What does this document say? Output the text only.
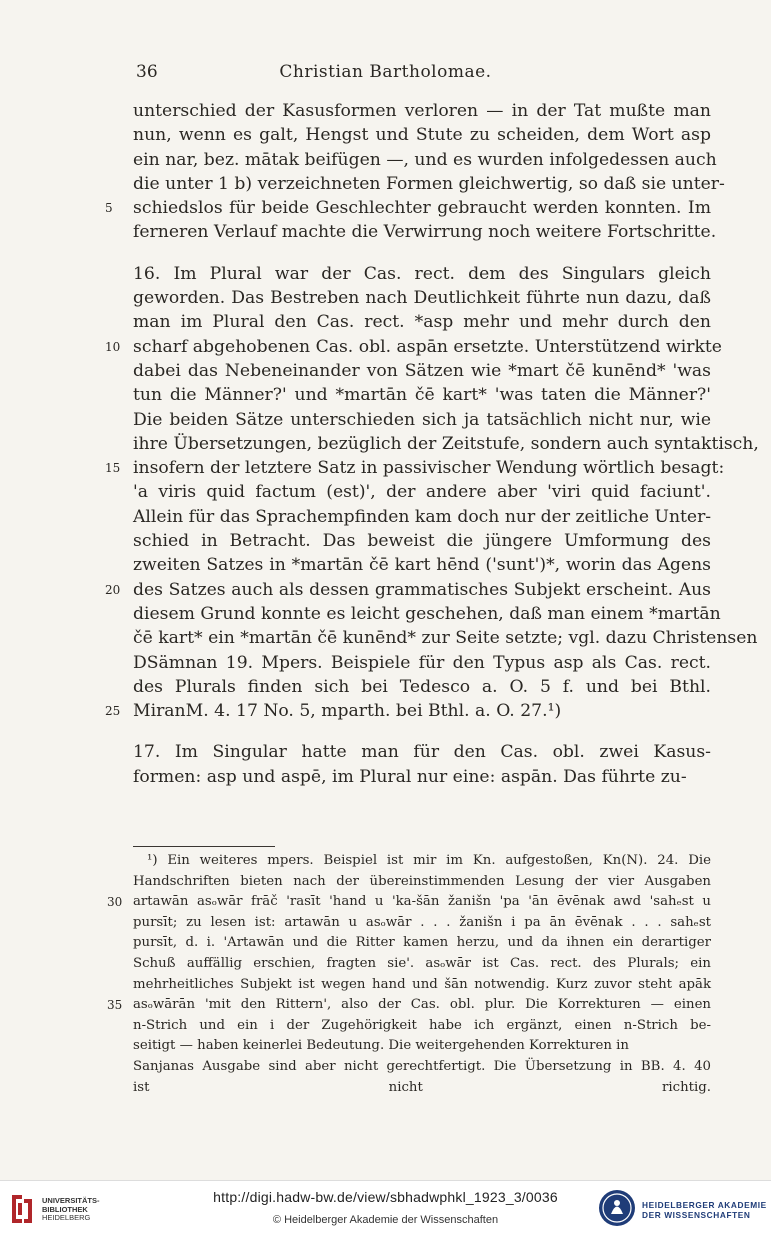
36	Christian Bartholomae.
unterschied der Kasusformen verloren — in der Tat mußte man
nun, wenn es galt, Hengst und Stute zu scheiden, dem Wort asp
ein nar, bez. mātak beifügen —, und es wurden infolgedessen auch
die unter 1 b) verzeichneten Formen gleichwertig, so daß sie unter-
schiedslos für beide Geschlechter gebraucht werden konnten. Im
5
ferneren Verlauf machte die Verwirrung noch weitere Fortschritte.
16. Im Plural war der Cas. rect. dem des Singulars gleich
geworden. Das Bestreben nach Deutlichkeit führte nun dazu, daß
man im Plural den Cas. rect. *asp mehr und mehr durch den
scharf abgehobenen Cas. obl. aspān ersetzte. Unterstützend wirkte
10
dabei das Nebeneinander von Sätzen wie *mart čē kunēnd* 'was
tun die Männer?' und *martān čē kart* 'was taten die Männer?'
Die beiden Sätze unterschieden sich ja tatsächlich nicht nur, wie
ihre Übersetzungen, bezüglich der Zeitstufe, sondern auch syntaktisch,
insofern der letztere Satz in passivischer Wendung wörtlich besagt:
15
'a viris quid factum (est)', der andere aber 'viri quid faciunt'.
Allein für das Sprachempfinden kam doch nur der zeitliche Unter-
schied in Betracht. Das beweist die jüngere Umformung des
zweiten Satzes in *martān čē kart hēnd ('sunt')*, worin das Agens
des Satzes auch als dessen grammatisches Subjekt erscheint. Aus
20
diesem Grund konnte es leicht geschehen, daß man einem *martān
čē kart* ein *martān čē kunēnd* zur Seite setzte; vgl. dazu Christensen
DSämnan 19. Mpers. Beispiele für den Typus asp als Cas. rect.
des Plurals finden sich bei Tedesco a. O. 5 f. und bei Bthl.
MiranM. 4. 17 No. 5, mparth. bei Bthl. a. O. 27.¹)
25
17. Im Singular hatte man für den Cas. obl. zwei Kasus-
formen: asp und aspē, im Plural nur eine: aspān. Das führte zu-
¹) Ein weiteres mpers. Beispiel ist mir im Kn. aufgestoßen, Kn(N). 24. Die
Handschriften bieten nach der übereinstimmenden Lesung der vier Ausgaben
artawān asₒwār frāč 'rasīt 'hand u 'ka-šān žanišn 'pa 'ān ēvēnak awd 'sahₑst u
30
pursīt; zu lesen ist: artawān u asₒwār . . . žanišn i pa ān ēvēnak . . . sahₑst
pursīt, d. i. 'Artawān und die Ritter kamen herzu, und da ihnen ein derartiger
Schuß auffällig erschien, fragten sie'. asₒwār ist Cas. rect. des Plurals; ein
mehrheitliches Subjekt ist wegen hand und šān notwendig. Kurz zuvor steht apāk
asₒwārān 'mit den Rittern', also der Cas. obl. plur. Die Korrekturen — einen
35
n-Strich und ein i der Zugehörigkeit habe ich ergänzt, einen n-Strich be-
seitigt — haben keinerlei Bedeutung. Die weitergehenden Korrekturen in
Sanjanas Ausgabe sind aber nicht gerechtfertigt. Die Übersetzung in BB. 4. 40
ist nicht richtig.
UNIVERSITÄTS-
BIBLIOTHEK
HEIDELBERG
http://digi.hadw-bw.de/view/sbhadwphkl_1923_3/0036
© Heidelberger Akademie der Wissenschaften
HEIDELBERGER AKADEMIE
DER WISSENSCHAFTEN
